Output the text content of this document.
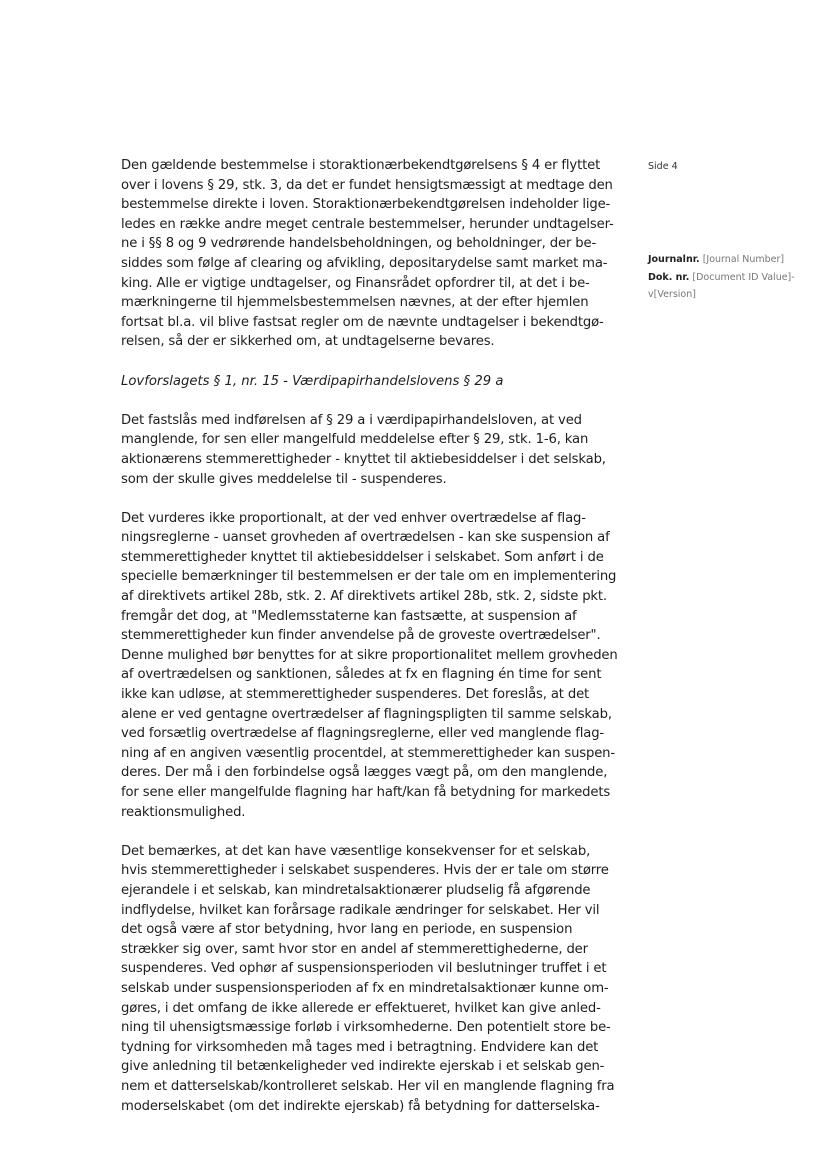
Side 4
Journalnr. [Journal Number]
Dok. nr. [Document ID Value]-
v[Version]
Den gældende bestemmelse i storaktionærbekendtgørelsens § 4 er flyttet
over i lovens § 29, stk. 3, da det er fundet hensigtsmæssigt at medtage den
bestemmelse direkte i loven. Storaktionærbekendtgørelsen indeholder lige-
ledes en række andre meget centrale bestemmelser, herunder undtagelser-
ne i §§ 8 og 9 vedrørende handelsbeholdningen, og beholdninger, der be-
siddes som følge af clearing og afvikling, depositarydelse samt market ma-
king. Alle er vigtige undtagelser, og Finansrådet opfordrer til, at det i be-
mærkningerne til hjemmelsbestemmelsen nævnes, at der efter hjemlen
fortsat bl.a. vil blive fastsat regler om de nævnte undtagelser i bekendtgø-
relsen, så der er sikkerhed om, at undtagelserne bevares.
Lovforslagets § 1, nr. 15 - Værdipapirhandelslovens § 29 a
Det fastslås med indførelsen af § 29 a i værdipapirhandelsloven, at ved
manglende, for sen eller mangelfuld meddelelse efter § 29, stk. 1-6, kan
aktionærens stemmerettigheder - knyttet til aktiebesiddelser i det selskab,
som der skulle gives meddelelse til - suspenderes.
Det vurderes ikke proportionalt, at der ved enhver overtrædelse af flag-
ningsreglerne - uanset grovheden af overtrædelsen - kan ske suspension af
stemmerettigheder knyttet til aktiebesiddelser i selskabet. Som anført i de
specielle bemærkninger til bestemmelsen er der tale om en implementering
af direktivets artikel 28b, stk. 2. Af direktivets artikel 28b, stk. 2, sidste pkt.
fremgår det dog, at "Medlemsstaterne kan fastsætte, at suspension af
stemmerettigheder kun finder anvendelse på de groveste overtrædelser".
Denne mulighed bør benyttes for at sikre proportionalitet mellem grovheden
af overtrædelsen og sanktionen, således at fx en flagning én time for sent
ikke kan udløse, at stemmerettigheder suspenderes. Det foreslås, at det
alene er ved gentagne overtrædelser af flagningspligten til samme selskab,
ved forsætlig overtrædelse af flagningsreglerne, eller ved manglende flag-
ning af en angiven væsentlig procentdel, at stemmerettigheder kan suspen-
deres. Der må i den forbindelse også lægges vægt på, om den manglende,
for sene eller mangelfulde flagning har haft/kan få betydning for markedets
reaktionsmulighed.
Det bemærkes, at det kan have væsentlige konsekvenser for et selskab,
hvis stemmerettigheder i selskabet suspenderes. Hvis der er tale om større
ejerandele i et selskab, kan mindretalsaktionærer pludselig få afgørende
indflydelse, hvilket kan forårsage radikale ændringer for selskabet. Her vil
det også være af stor betydning, hvor lang en periode, en suspension
strækker sig over, samt hvor stor en andel af stemmerettighederne, der
suspenderes. Ved ophør af suspensionsperioden vil beslutninger truffet i et
selskab under suspensionsperioden af fx en mindretalsaktionær kunne om-
gøres, i det omfang de ikke allerede er effektueret, hvilket kan give anled-
ning til uhensigtsmæssige forløb i virksomhederne. Den potentielt store be-
tydning for virksomheden må tages med i betragtning. Endvidere kan det
give anledning til betænkeligheder ved indirekte ejerskab i et selskab gen-
nem et datterselskab/kontrolleret selskab. Her vil en manglende flagning fra
moderselskabet (om det indirekte ejerskab) få betydning for datterselska-
